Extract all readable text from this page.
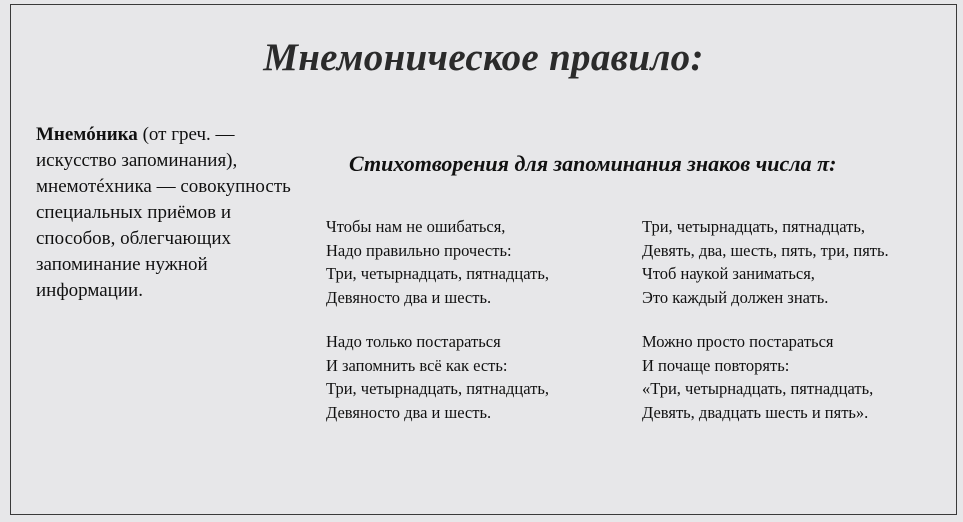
Мнемоническое правило:
Мнемóника (от греч. — искусство запоминания), мнемотéхника — совокупность специальных приёмов и способов, облегчающих запоминание нужной информации.
Стихотворения для запоминания знаков числа π:
Чтобы нам не ошибаться,
Надо правильно прочесть:
Три, четырнадцать, пятнадцать,
Девяносто два и шесть.
Надо только постараться
И запомнить всё как есть:
Три, четырнадцать, пятнадцать,
Девяносто два и шесть.
Три, четырнадцать, пятнадцать,
Девять, два, шесть, пять, три, пять.
Чтоб наукой заниматься,
Это каждый должен знать.
Можно просто постараться
И почаще повторять:
«Три, четырнадцать, пятнадцать,
Девять, двадцать шесть и пять».
